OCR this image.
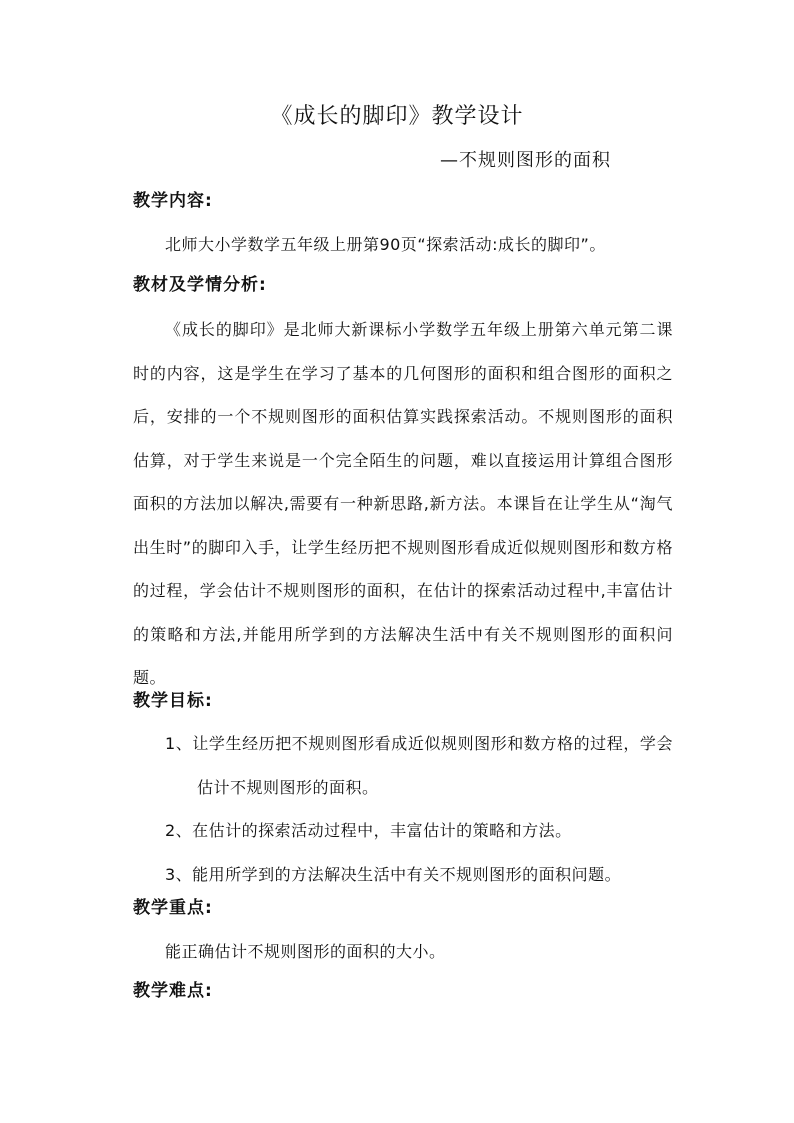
《成长的脚印》教学设计
—不规则图形的面积
教学内容:
北师大小学数学五年级上册第90页“探索活动:成长的脚印”。
教材及学情分析:
《成长的脚印》是北师大新课标小学数学五年级上册第六单元第二课时的内容，这是学生在学习了基本的几何图形的面积和组合图形的面积之后，安排的一个不规则图形的面积估算实践探索活动。不规则图形的面积估算，对于学生来说是一个完全陌生的问题，难以直接运用计算组合图形面积的方法加以解决,需要有一种新思路,新方法。本课旨在让学生从“淘气出生时”的脚印入手，让学生经历把不规则图形看成近似规则图形和数方格的过程，学会估计不规则图形的面积，在估计的探索活动过程中,丰富估计的策略和方法,并能用所学到的方法解决生活中有关不规则图形的面积问题。
教学目标:
1、让学生经历把不规则图形看成近似规则图形和数方格的过程，学会估计不规则图形的面积。
2、在估计的探索活动过程中，丰富估计的策略和方法。
3、能用所学到的方法解决生活中有关不规则图形的面积问题。
教学重点:
能正确估计不规则图形的面积的大小。
教学难点:
